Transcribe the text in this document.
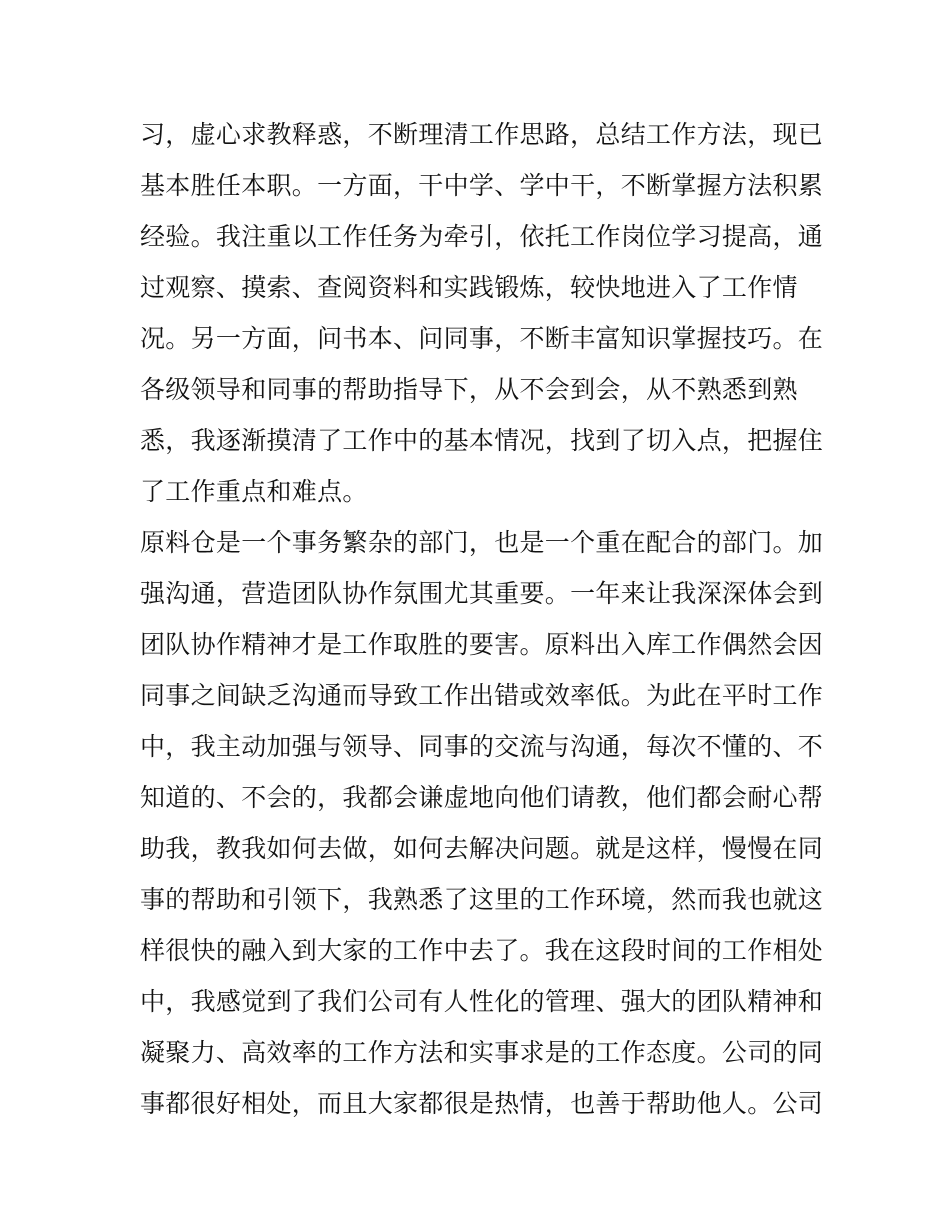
习，虚心求教释惑，不断理清工作思路，总结工作方法，现已
基本胜任本职。一方面，干中学、学中干，不断掌握方法积累
经验。我注重以工作任务为牵引，依托工作岗位学习提高，通
过观察、摸索、查阅资料和实践锻炼，较快地进入了工作情
况。另一方面，问书本、问同事，不断丰富知识掌握技巧。在
各级领导和同事的帮助指导下，从不会到会，从不熟悉到熟
悉，我逐渐摸清了工作中的基本情况，找到了切入点，把握住
了工作重点和难点。
原料仓是一个事务繁杂的部门，也是一个重在配合的部门。加
强沟通，营造团队协作氛围尤其重要。一年来让我深深体会到
团队协作精神才是工作取胜的要害。原料出入库工作偶然会因
同事之间缺乏沟通而导致工作出错或效率低。为此在平时工作
中，我主动加强与领导、同事的交流与沟通，每次不懂的、不
知道的、不会的，我都会谦虚地向他们请教，他们都会耐心帮
助我，教我如何去做，如何去解决问题。就是这样，慢慢在同
事的帮助和引领下，我熟悉了这里的工作环境，然而我也就这
样很快的融入到大家的工作中去了。我在这段时间的工作相处
中，我感觉到了我们公司有人性化的管理、强大的团队精神和
凝聚力、高效率的工作方法和实事求是的工作态度。公司的同
事都很好相处，而且大家都很是热情，也善于帮助他人。公司
